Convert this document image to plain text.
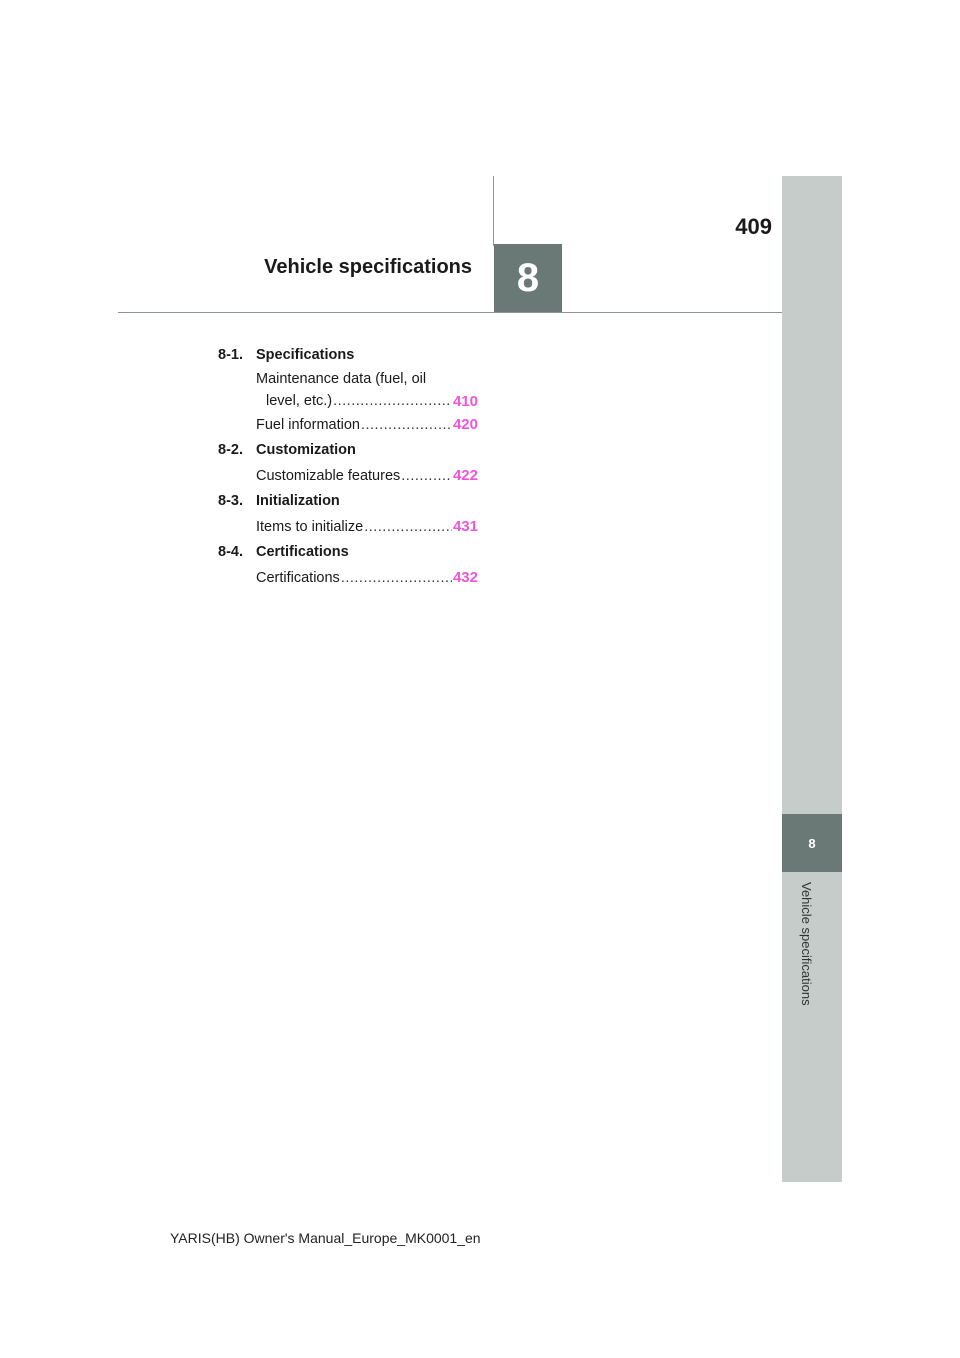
8
Vehicle specifications
8
409
Vehicle specifications
8-1. Specifications
Maintenance data (fuel, oil
level, etc.) .....	410
Fuel information .....	420
8-2. Customization
Customizable features .....	422
8-3. Initialization
Items to initialize .....	431
8-4. Certifications
Certifications .....	432
YARIS(HB) Owner's Manual_Europe_MK0001_en
